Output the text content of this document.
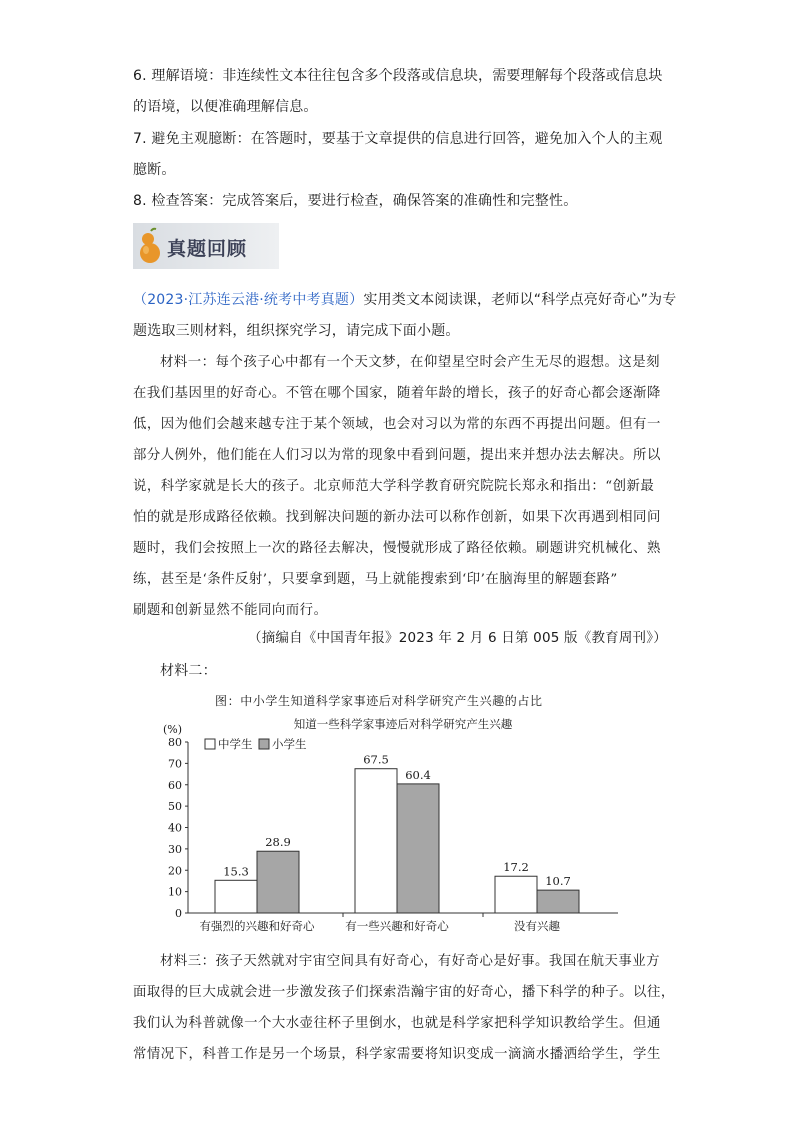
6. 理解语境：非连续性文本往往包含多个段落或信息块，需要理解每个段落或信息块
的语境，以便准确理解信息。
7. 避免主观臆断：在答题时，要基于文章提供的信息进行回答，避免加入个人的主观
臆断。
8. 检查答案：完成答案后，要进行检查，确保答案的准确性和完整性。
真题回顾
（2023·江苏连云港·统考中考真题）实用类文本阅读课，老师以“科学点亮好奇心”为专
题选取三则材料，组织探究学习，请完成下面小题。
材料一：每个孩子心中都有一个天文梦，在仰望星空时会产生无尽的遐想。这是刻
在我们基因里的好奇心。不管在哪个国家，随着年龄的增长，孩子的好奇心都会逐渐降
低，因为他们会越来越专注于某个领域，也会对习以为常的东西不再提出问题。但有一
部分人例外，他们能在人们习以为常的现象中看到问题，提出来并想办法去解决。所以
说，科学家就是长大的孩子。北京师范大学科学教育研究院院长郑永和指出：“创新最
怕的就是形成路径依赖。找到解决问题的新办法可以称作创新，如果下次再遇到相同问
题时，我们会按照上一次的路径去解决，慢慢就形成了路径依赖。刷题讲究机械化、熟
练，甚至是‘条件反射’，只要拿到题，马上就能搜索到‘印’在脑海里的解题套路”
刷题和创新显然不能同向而行。
（摘编自《中国青年报》2023 年 2 月 6 日第 005 版《教育周刊》）
材料二：
图：中小学生知道科学家事迹后对科学研究产生兴趣的占比
知道一些科学家事迹后对科学研究产生兴趣
(%)
0
10
20
30
40
50
60
70
80	中学生 小学生
15.3
28.9
有强烈的兴趣和好奇心
67.5
60.4
有一些兴趣和好奇心
17.2
10.7
没有兴趣
材料三：孩子天然就对宇宙空间具有好奇心，有好奇心是好事。我国在航天事业方
面取得的巨大成就会进一步激发孩子们探索浩瀚宇宙的好奇心，播下科学的种子。以往，
我们认为科普就像一个大水壶往杯子里倒水，也就是科学家把科学知识教给学生。但通
常情况下，科普工作是另一个场景，科学家需要将知识变成一滴滴水播洒给学生，学生
